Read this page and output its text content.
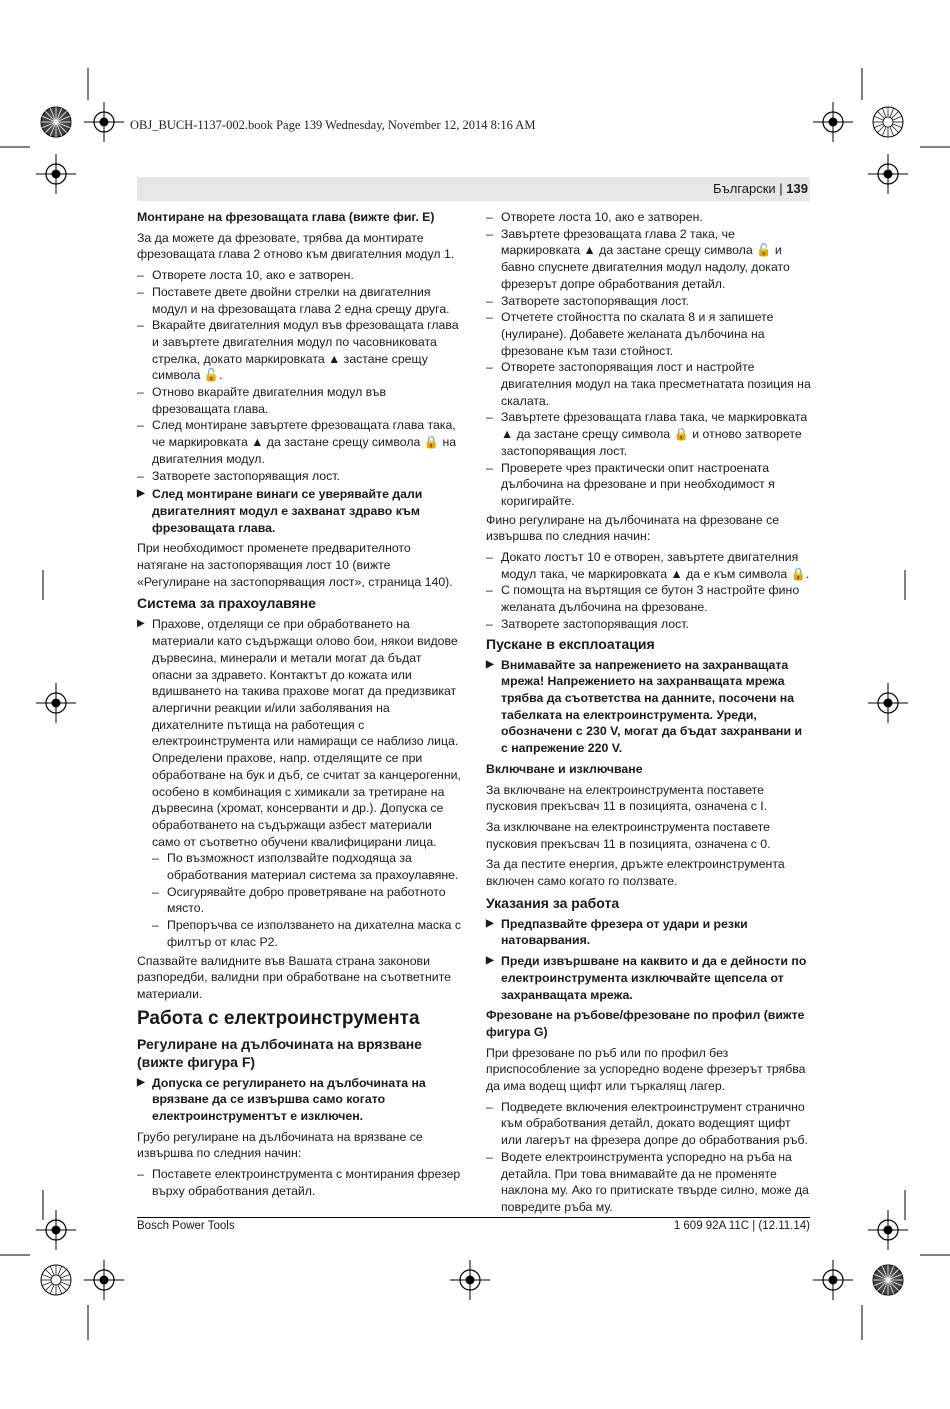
OBJ_BUCH-1137-002.book Page 139 Wednesday, November 12, 2014 8:16 AM
Български | 139

Монтиране на фрезоващата глава (вижте фиг. E)

За да можете да фрезовате, трябва да монтирате фрезоващата глава 2 отново към двигателния модул 1.

– Отворете лоста 10, ако е затворен.
– Поставете двете двойни стрелки на двигателния модул и на фрезоващата глава 2 една срещу друга.
– Вкарайте двигателния модул във фрезоващата глава и завъртете двигателния модул по часовниковата стрелка, докато маркировката ▲ застане срещу символа 🔓.
– Отново вкарайте двигателния модул във фрезоващата глава.
– След монтиране завъртете фрезоващата глава така, че маркировката ▲ да застане срещу символа 🔒 на двигателния модул.
– Затворете застопоряващия лост.

▶ След монтиране винаги се уверявайте дали двигателният модул е захванат здраво към фрезоващата глава.

При необходимост променете предварителното натягане на застопоряващия лост 10 (вижте «Регулиране на застопоряващия лост», страница 140).

Система за прахоулавяне

▶ Прахове, отделящи се при обработването на материали като съдържащи олово бои, някои видове дървесина, минерали и метали могат да бъдат опасни за здравето. Контактът до кожата или вдишването на такива прахове могат да предизвикат алергични реакции и/или заболявания на дихателните пътища на работещия с електроинструмента или намиращи се наблизо лица. Определени прахове, напр. отделящите се при обработване на бук и дъб, се считат за канцерогенни, особено в комбинация с химикали за третиране на дървесина (хромат, консерванти и др.). Допуска се обработването на съдържащи азбест материали само от съответно обучени квалифицирани лица.

– По възможност използвайте подходяща за обработвания материал система за прахоулавяне.
– Осигурявайте добро проветряване на работното място.
– Препоръчва се използването на дихателна маска с филтър от клас P2.

Спазвайте валидните във Вашата страна законови разпоредби, валидни при обработване на съответните материали.

Работа с електроинструмента

Регулиране на дълбочината на врязване (вижте фигура F)

▶ Допуска се регулирането на дълбочината на врязване да се извършва само когато електроинструментът е изключен.

Грубо регулиране на дълбочината на врязване се извършва по следния начин:

– Поставете електроинструмента с монтирания фрезер върху обработвания детайл.
– Отворете лоста 10, ако е затворен.
– Завъртете фрезоващата глава 2 така, че маркировката ▲ да застане срещу символа 🔓 и бавно спуснете двигателния модул надолу, докато фрезерът допре обработвания детайл.
– Затворете застопоряващия лост.
– Отчетете стойността по скалата 8 и я запишете (нулиране). Добавете желаната дълбочина на фрезоване към тази стойност.
– Отворете застопоряващия лост и настройте двигателния модул на така пресметнатата позиция на скалата.
– Завъртете фрезоващата глава така, че маркировката ▲ да застане срещу символа 🔒 и отново затворете застопоряващия лост.
– Проверете чрез практически опит настроената дълбочина на фрезоване и при необходимост я коригирайте.

Фино регулиране на дълбочината на фрезоване се извършва по следния начин:

– Докато лостът 10 е отворен, завъртете двигателния модул така, че маркировката ▲ да е към символа 🔒.
– С помощта на въртящия се бутон 3 настройте фино желаната дълбочина на фрезоване.
– Затворете застопоряващия лост.

Пускане в експлоатация

▶ Внимавайте за напрежението на захранващата мрежа! Напрежението на захранващата мрежа трябва да съответства на данните, посочени на табелката на електроинструмента. Уреди, обозначени с 230 V, могат да бъдат захранвани и с напрежение 220 V.

Включване и изключване

За включване на електроинструмента поставете пусковия прекъсвач 11 в позицията, означена с I.

За изключване на електроинструмента поставете пусковия прекъсвач 11 в позицията, означена с 0.

За да пестите енергия, дръжте електроинструмента включен само когато го ползвате.

Указания за работа

▶ Предпазвайте фрезера от удари и резки натоварвания.

▶ Преди извършване на каквито и да е дейности по електроинструмента изключвайте щепсела от захранващата мрежа.

Фрезоване на ръбове/фрезоване по профил (вижте фигура G)

При фрезоване по ръб или по профил без приспособление за успоредно водене фрезерът трябва да има водещ щифт или търкалящ лагер.

– Подведете включения електроинструмент странично към обработвания детайл, докато водещият щифт или лагерът на фрезера допре до обработвания ръб.
– Водете електроинструмента успоредно на ръба на детайла. При това внимавайте да не променяте наклона му. Ако го притискате твърде силно, може да повредите ръба му.
Bosch Power Tools	1 609 92A 11C | (12.11.14)
